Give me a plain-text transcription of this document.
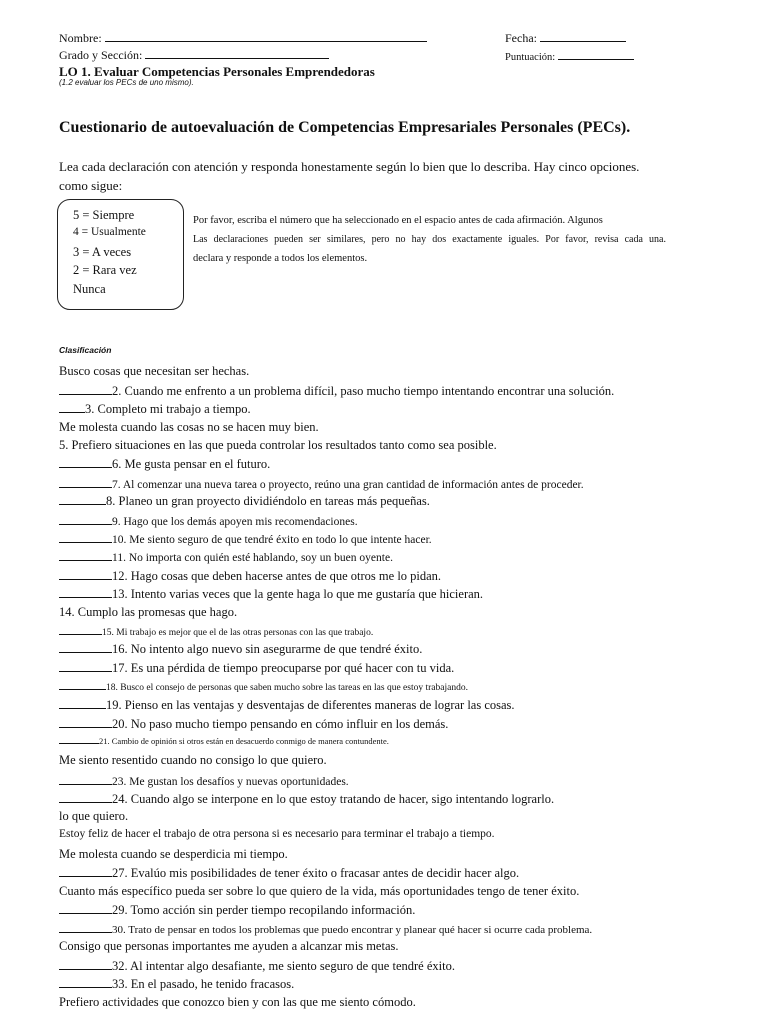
Nombre:	Fecha:
Grado y Sección:	Puntuación:
LO 1. Evaluar Competencias Personales Emprendedoras
(1.2 evaluar los PECs de uno mismo).
Cuestionario de autoevaluación de Competencias Empresariales Personales (PECs).
Lea cada declaración con atención y responda honestamente según lo bien que lo describa. Hay cinco opciones.
como sigue:
5 = Siempre
4 = Usualmente
3 = A veces
2 = Rara vez
Nunca
Por favor, escriba el número que ha seleccionado en el espacio antes de cada afirmación. Algunos
Las declaraciones pueden ser similares, pero no hay dos exactamente iguales. Por favor, revisa cada una.
declara y responde a todos los elementos.
Clasificación
Busco cosas que necesitan ser hechas.
2. Cuando me enfrento a un problema difícil, paso mucho tiempo intentando encontrar una solución.
3. Completo mi trabajo a tiempo.
Me molesta cuando las cosas no se hacen muy bien.
5. Prefiero situaciones en las que pueda controlar los resultados tanto como sea posible.
6. Me gusta pensar en el futuro.
7. Al comenzar una nueva tarea o proyecto, reúno una gran cantidad de información antes de proceder.
8. Planeo un gran proyecto dividiéndolo en tareas más pequeñas.
9. Hago que los demás apoyen mis recomendaciones.
10. Me siento seguro de que tendré éxito en todo lo que intente hacer.
11. No importa con quién esté hablando, soy un buen oyente.
12. Hago cosas que deben hacerse antes de que otros me lo pidan.
13. Intento varias veces que la gente haga lo que me gustaría que hicieran.
14. Cumplo las promesas que hago.
15. Mi trabajo es mejor que el de las otras personas con las que trabajo.
16. No intento algo nuevo sin asegurarme de que tendré éxito.
17. Es una pérdida de tiempo preocuparse por qué hacer con tu vida.
18. Busco el consejo de personas que saben mucho sobre las tareas en las que estoy trabajando.
19. Pienso en las ventajas y desventajas de diferentes maneras de lograr las cosas.
20. No paso mucho tiempo pensando en cómo influir en los demás.
21. Cambio de opinión si otros están en desacuerdo conmigo de manera contundente.
Me siento resentido cuando no consigo lo que quiero.
23. Me gustan los desafíos y nuevas oportunidades.
24. Cuando algo se interpone en lo que estoy tratando de hacer, sigo intentando lograrlo.
lo que quiero.
Estoy feliz de hacer el trabajo de otra persona si es necesario para terminar el trabajo a tiempo.
Me molesta cuando se desperdicia mi tiempo.
27. Evalúo mis posibilidades de tener éxito o fracasar antes de decidir hacer algo.
Cuanto más específico pueda ser sobre lo que quiero de la vida, más oportunidades tengo de tener éxito.
29. Tomo acción sin perder tiempo recopilando información.
30. Trato de pensar en todos los problemas que puedo encontrar y planear qué hacer si ocurre cada problema.
Consigo que personas importantes me ayuden a alcanzar mis metas.
32. Al intentar algo desafiante, me siento seguro de que tendré éxito.
33. En el pasado, he tenido fracasos.
Prefiero actividades que conozco bien y con las que me siento cómodo.
